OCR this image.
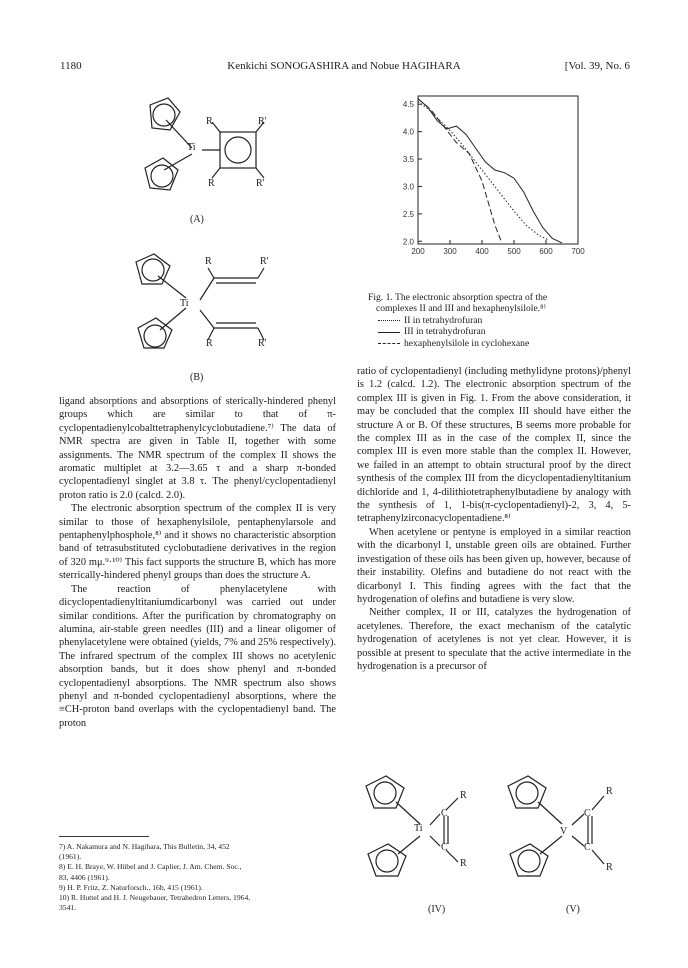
1180	Kenkichi SONOGASHIRA and Nobue HAGIHARA	[Vol. 39, No. 6
Ti
R	R'
R	R'
(A)
Ti
R	R'
R	R'
(B)
200 300 400 500 600 700
2.0
2.5
3.0
3.5
4.0
4.5
Fig. 1. The electronic absorption spectra of the
complexes II and III and hexaphenylsilole.⁸⁾
II in tetrahydrofuran
III in tetrahydrofuran
hexaphenylsilole in cyclohexane

ligand absorptions and absorptions of sterically-hindered phenyl groups which are similar to that of π-cyclopentadienylcobalttetraphenylcyclobutadiene.⁷⁾ The data of NMR spectra are given in Table II, together with some assignments. The NMR spectrum of the complex II shows the aromatic multiplet at 3.2—3.65 τ and a sharp π-bonded cyclopentadienyl singlet at 3.8 τ. The phenyl/cyclopentadienyl proton ratio is 2.0 (calcd. 2.0).

The electronic absorption spectrum of the complex II is very similar to those of hexaphenylsilole, pentaphenylarsole and pentaphenylphosphole,⁸⁾ and it shows no characteristic absorption band of tetrasubstituted cyclobutadiene derivatives in the region of 320 mμ.⁹·¹⁰⁾ This fact supports the structure B, which has more sterrically-hindered phenyl groups than does the structure A.

The reaction of phenylacetylene with dicyclopentadienyltitaniumdicarbonyl was carried out under similar conditions. After the purification by chromatography on alumina, air-stable green needles (III) and a linear oligomer of phenylacetylene were obtained (yields, 7% and 25% respectively). The infrared spectrum of the complex III shows no acetylenic absorption bands, but it does show phenyl and π-bonded cyclopentadienyl absorptions. The NMR spectrum also shows phenyl and π-bonded cyclopentadienyl absorptions, where the ≡CH-proton band overlaps with the cyclopentadienyl band. The proton

ratio of cyclopentadienyl (including methylidyne protons)/phenyl is 1.2 (calcd. 1.2). The electronic absorption spectrum of the complex III is given in Fig. 1. From the above consideration, it may be concluded that the complex III should have either the structure A or B. Of these structures, B seems more probable for the complex III as in the case of the complex II, since the complex III is even more stable than the complex II. However, we failed in an attempt to obtain structural proof by the direct synthesis of the complex III from the dicyclopentadienyltitanium dichloride and 1, 4-dilithiotetraphenylbutadiene by analogy with the synthesis of 1, 1-bis(π-cyclopentadienyl)-2, 3, 4, 5-tetraphenylzirconacyclopentadiene.⁸⁾

When acetylene or pentyne is employed in a similar reaction with the dicarbonyl I, unstable green oils are obtained. Further investigation of these oils has been given up, however, because of their instability. Olefins and butadiene do not react with the dicarbonyl I. This finding agrees with the fact that the hydrogenation of olefins and butadiene is very slow.

Neither complex, II or III, catalyzes the hydrogenation of acetylenes. Therefore, the exact mechanism of the catalytic hydrogenation of acetylenes is not yet clear. However, it is possible at present to speculate that the active intermediate in the hydrogenation is a precursor of

7) A. Nakamura and N. Hagihara, This Bulletin, 34, 452
(1961).
8) E. H. Braye, W. Hübel and J. Caplier, J. Am. Chem. Soc.,
83, 4406 (1961).
9) H. P. Fritz, Z. Naturforsch., 16b, 415 (1961).
10) R. Huttel and H. J. Neugebauer, Tetrahedron Letters, 1964,
3541.
Ti
C
C
R
R
V
C
C
R
R
(IV)	(V)
